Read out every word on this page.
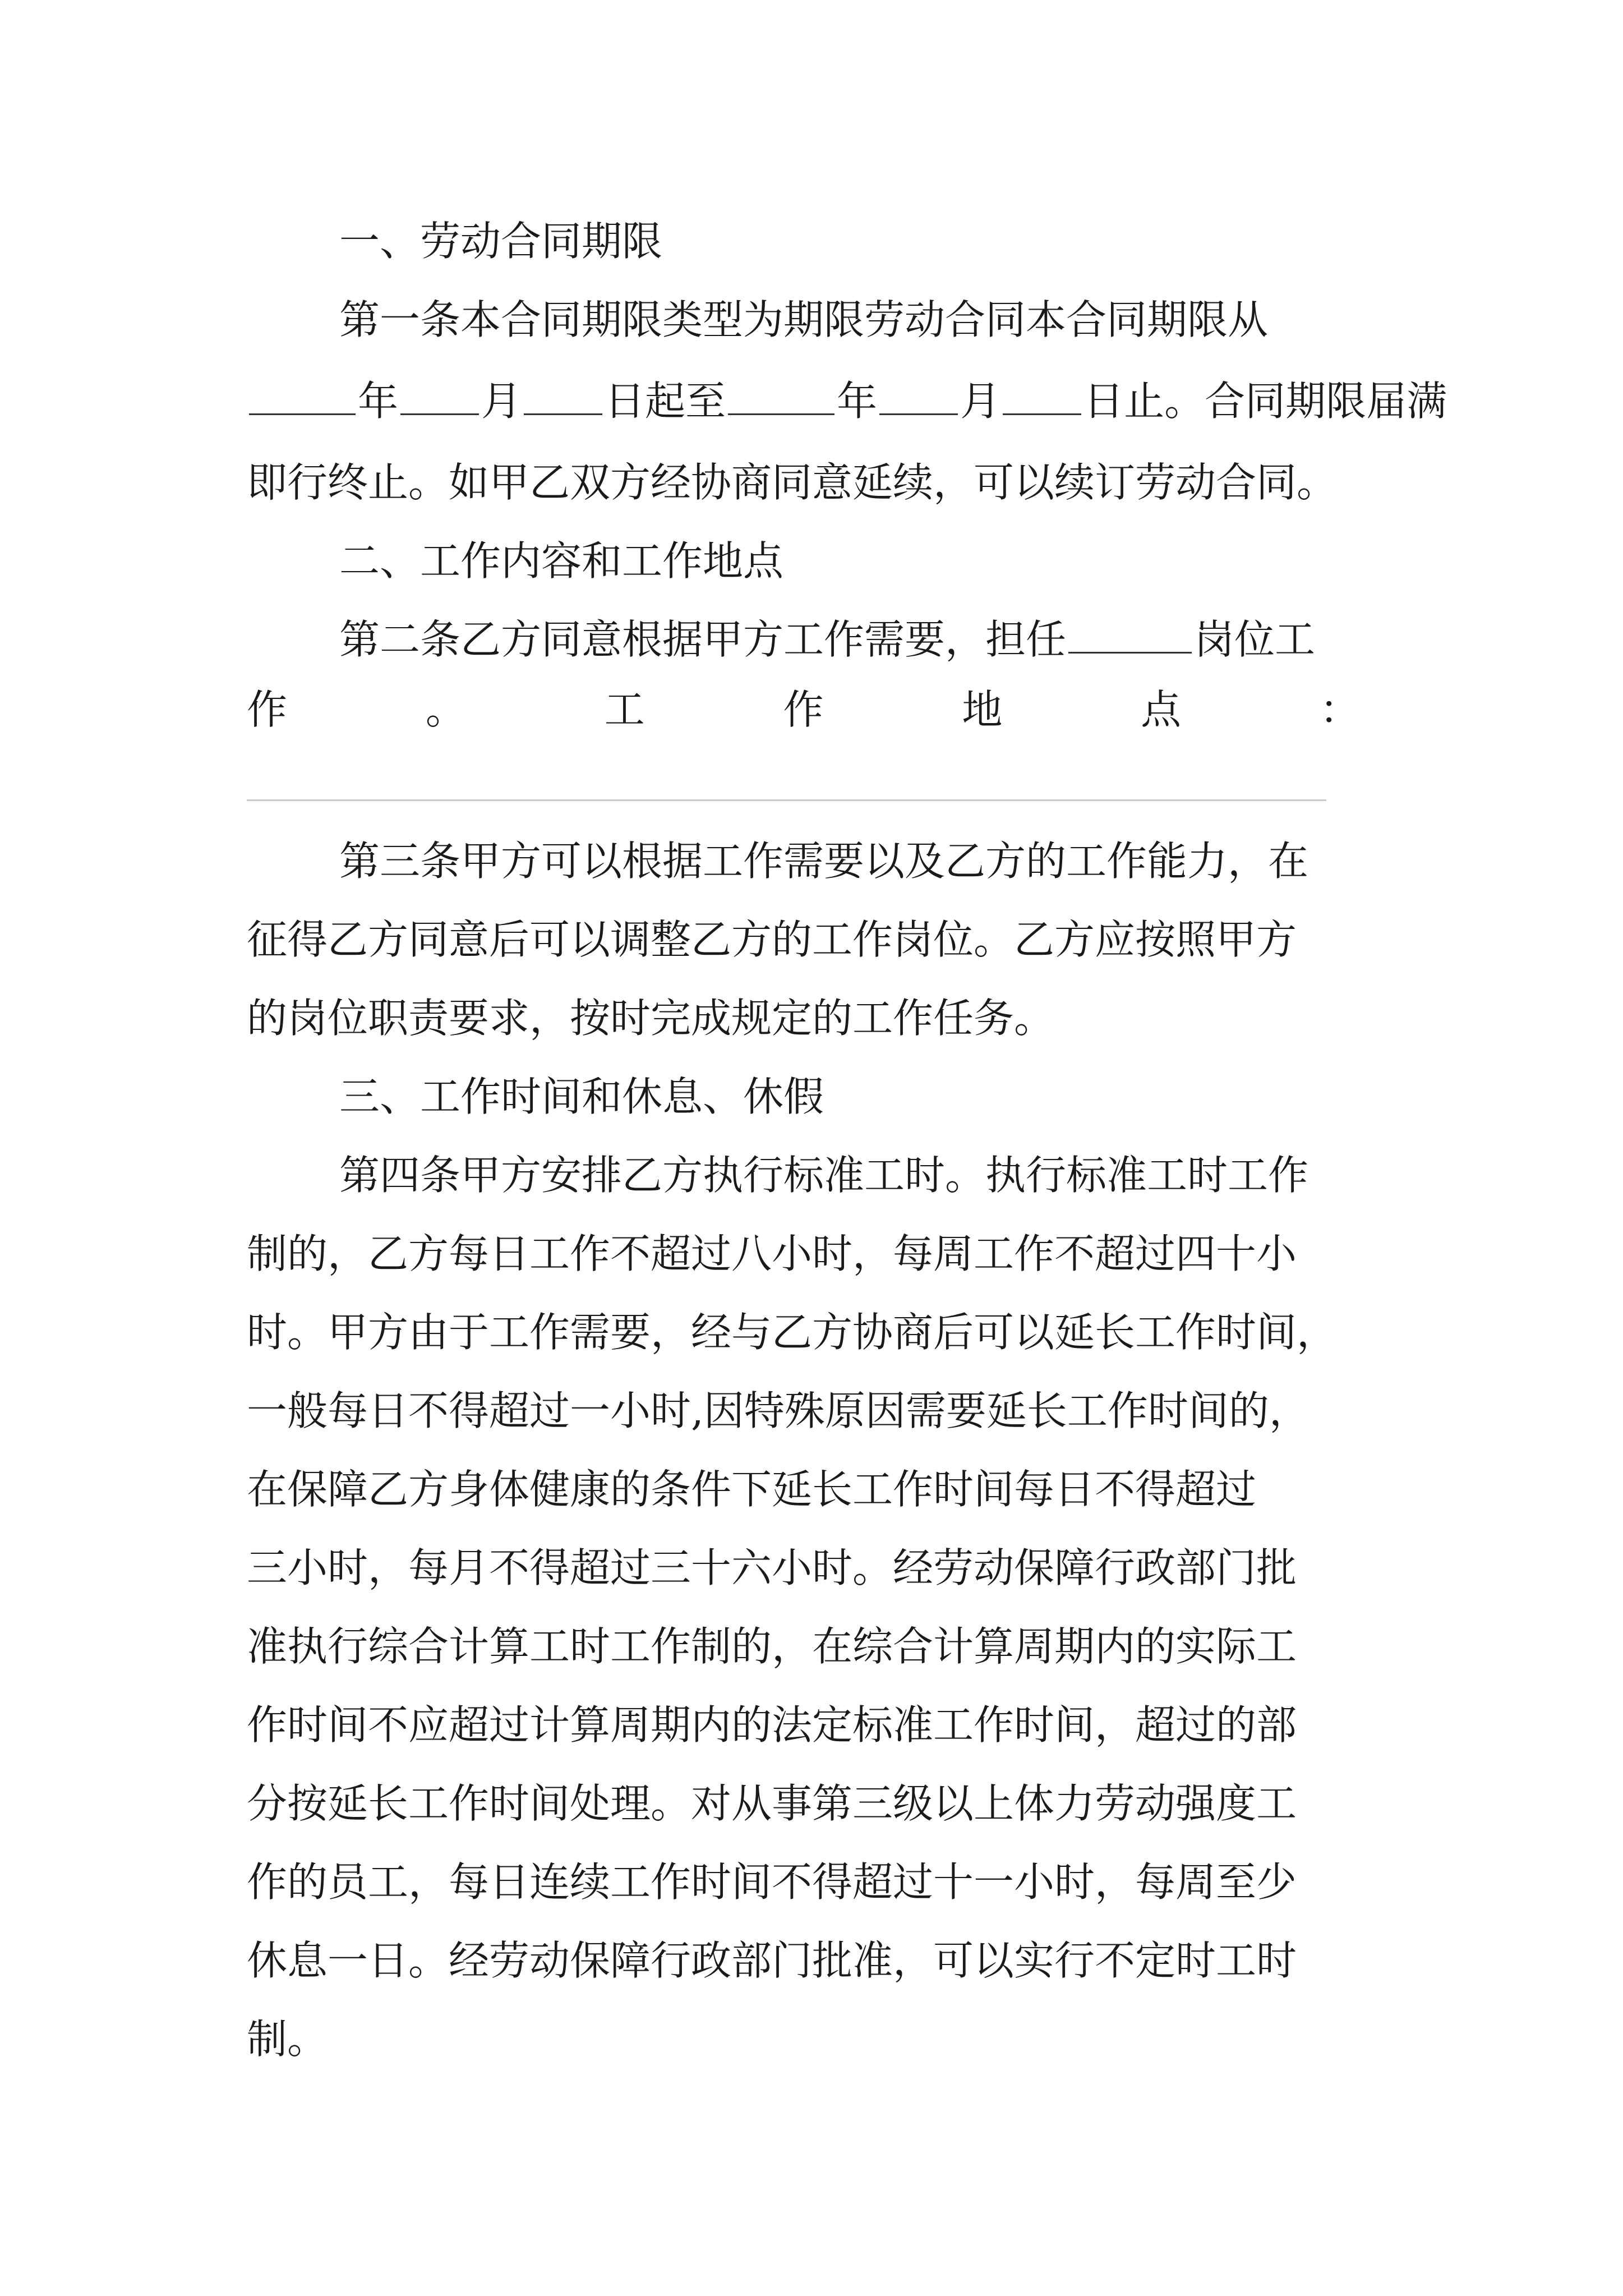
一、劳动合同期限
第一条本合同期限类型为期限劳动合同本合同期限从
年 月 日起至	年 月 日止。合同期限届满
即行终止。如甲乙双方经协商同意延续，可以续订劳动合同。
二、工作内容和工作地点
第二条乙方同意根据甲方工作需要，担任	岗位工
作	。	工	作	地	点	：
第三条甲方可以根据工作需要以及乙方的工作能力，在
征得乙方同意后可以调整乙方的工作岗位。乙方应按照甲方
的岗位职责要求，按时完成规定的工作任务。
三、工作时间和休息、休假
第四条甲方安排乙方执行标准工时。执行标准工时工作
制的，乙方每日工作不超过八小时，每周工作不超过四十小
时。甲方由于工作需要，经与乙方协商后可以延长工作时间，
一般每日不得超过一小时,因特殊原因需要延长工作时间的，
在保障乙方身体健康的条件下延长工作时间每日不得超过
三小时，每月不得超过三十六小时。经劳动保障行政部门批
准执行综合计算工时工作制的，在综合计算周期内的实际工
作时间不应超过计算周期内的法定标准工作时间，超过的部
分按延长工作时间处理。对从事第三级以上体力劳动强度工
作的员工，每日连续工作时间不得超过十一小时，每周至少
休息一日。经劳动保障行政部门批准，可以实行不定时工时
制。
